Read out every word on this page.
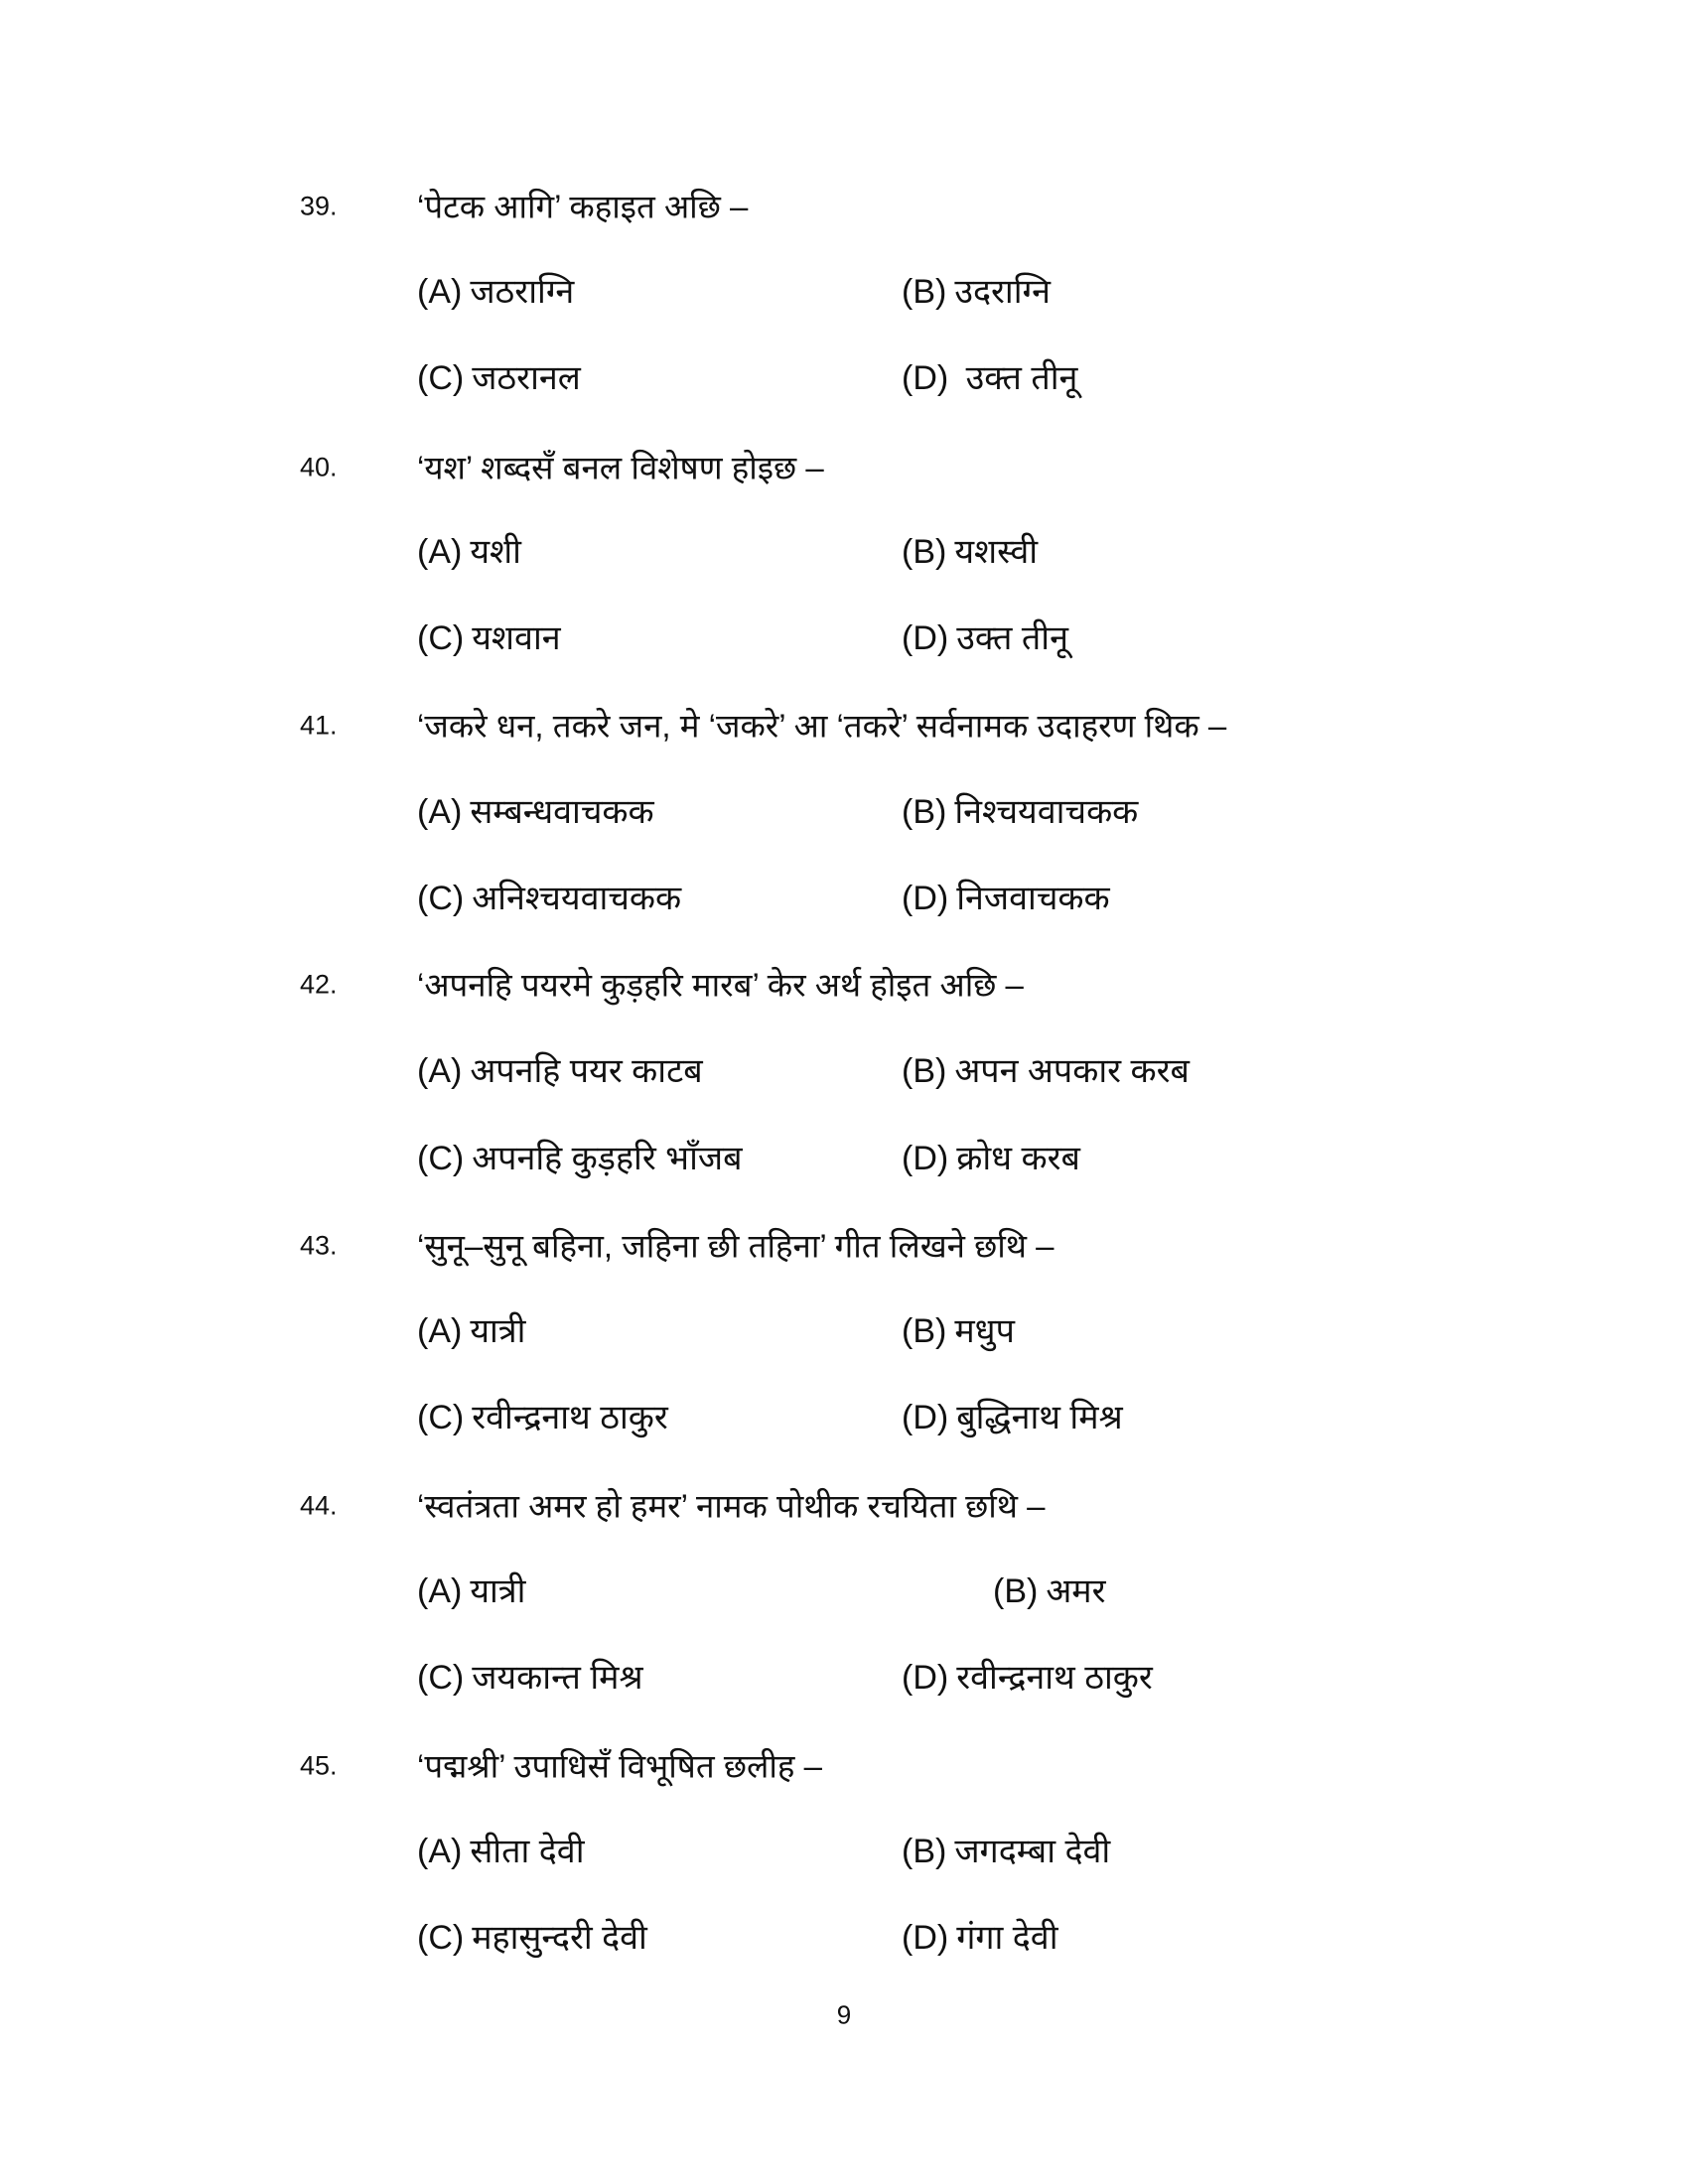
39. ‘पेटक आगि’ कहाइत अछि –
(A) जठराग्नि	(B) उदराग्नि
(C) जठरानल	(D) उक्त तीनू
40. ‘यश’ शब्दसँ बनल विशेषण होइछ –
(A) यशी	(B) यशस्वी
(C) यशवान	(D) उक्त तीनू
41. ‘जकरे धन, तकरे जन, मे ‘जकरे’ आ ‘तकरे’ सर्वनामक उदाहरण थिक –
(A) सम्बन्धवाचकक	(B) निश्चयवाचकक
(C) अनिश्चयवाचकक	(D) निजवाचकक
42. ‘अपनहि पयरमे कुड़हरि मारब’ केर अर्थ होइत अछि –
(A) अपनहि पयर काटब	(B) अपन अपकार करब
(C) अपनहि कुड़हरि भाँजब	(D) क्रोध करब
43. ‘सुनू–सुनू बहिना, जहिना छी तहिना’ गीत लिखने छथि –
(A) यात्री	(B) मधुप
(C) रवीन्द्रनाथ ठाकुर	(D) बुद्धिनाथ मिश्र
44. ‘स्वतंत्रता अमर हो हमर’ नामक पोथीक रचयिता छथि –
(A) यात्री	(B) अमर
(C) जयकान्त मिश्र	(D) रवीन्द्रनाथ ठाकुर
45. ‘पद्मश्री’ उपाधिसँ विभूषित छलीह –
(A) सीता देवी	(B) जगदम्बा देवी
(C) महासुन्दरी देवी	(D) गंगा देवी
9
